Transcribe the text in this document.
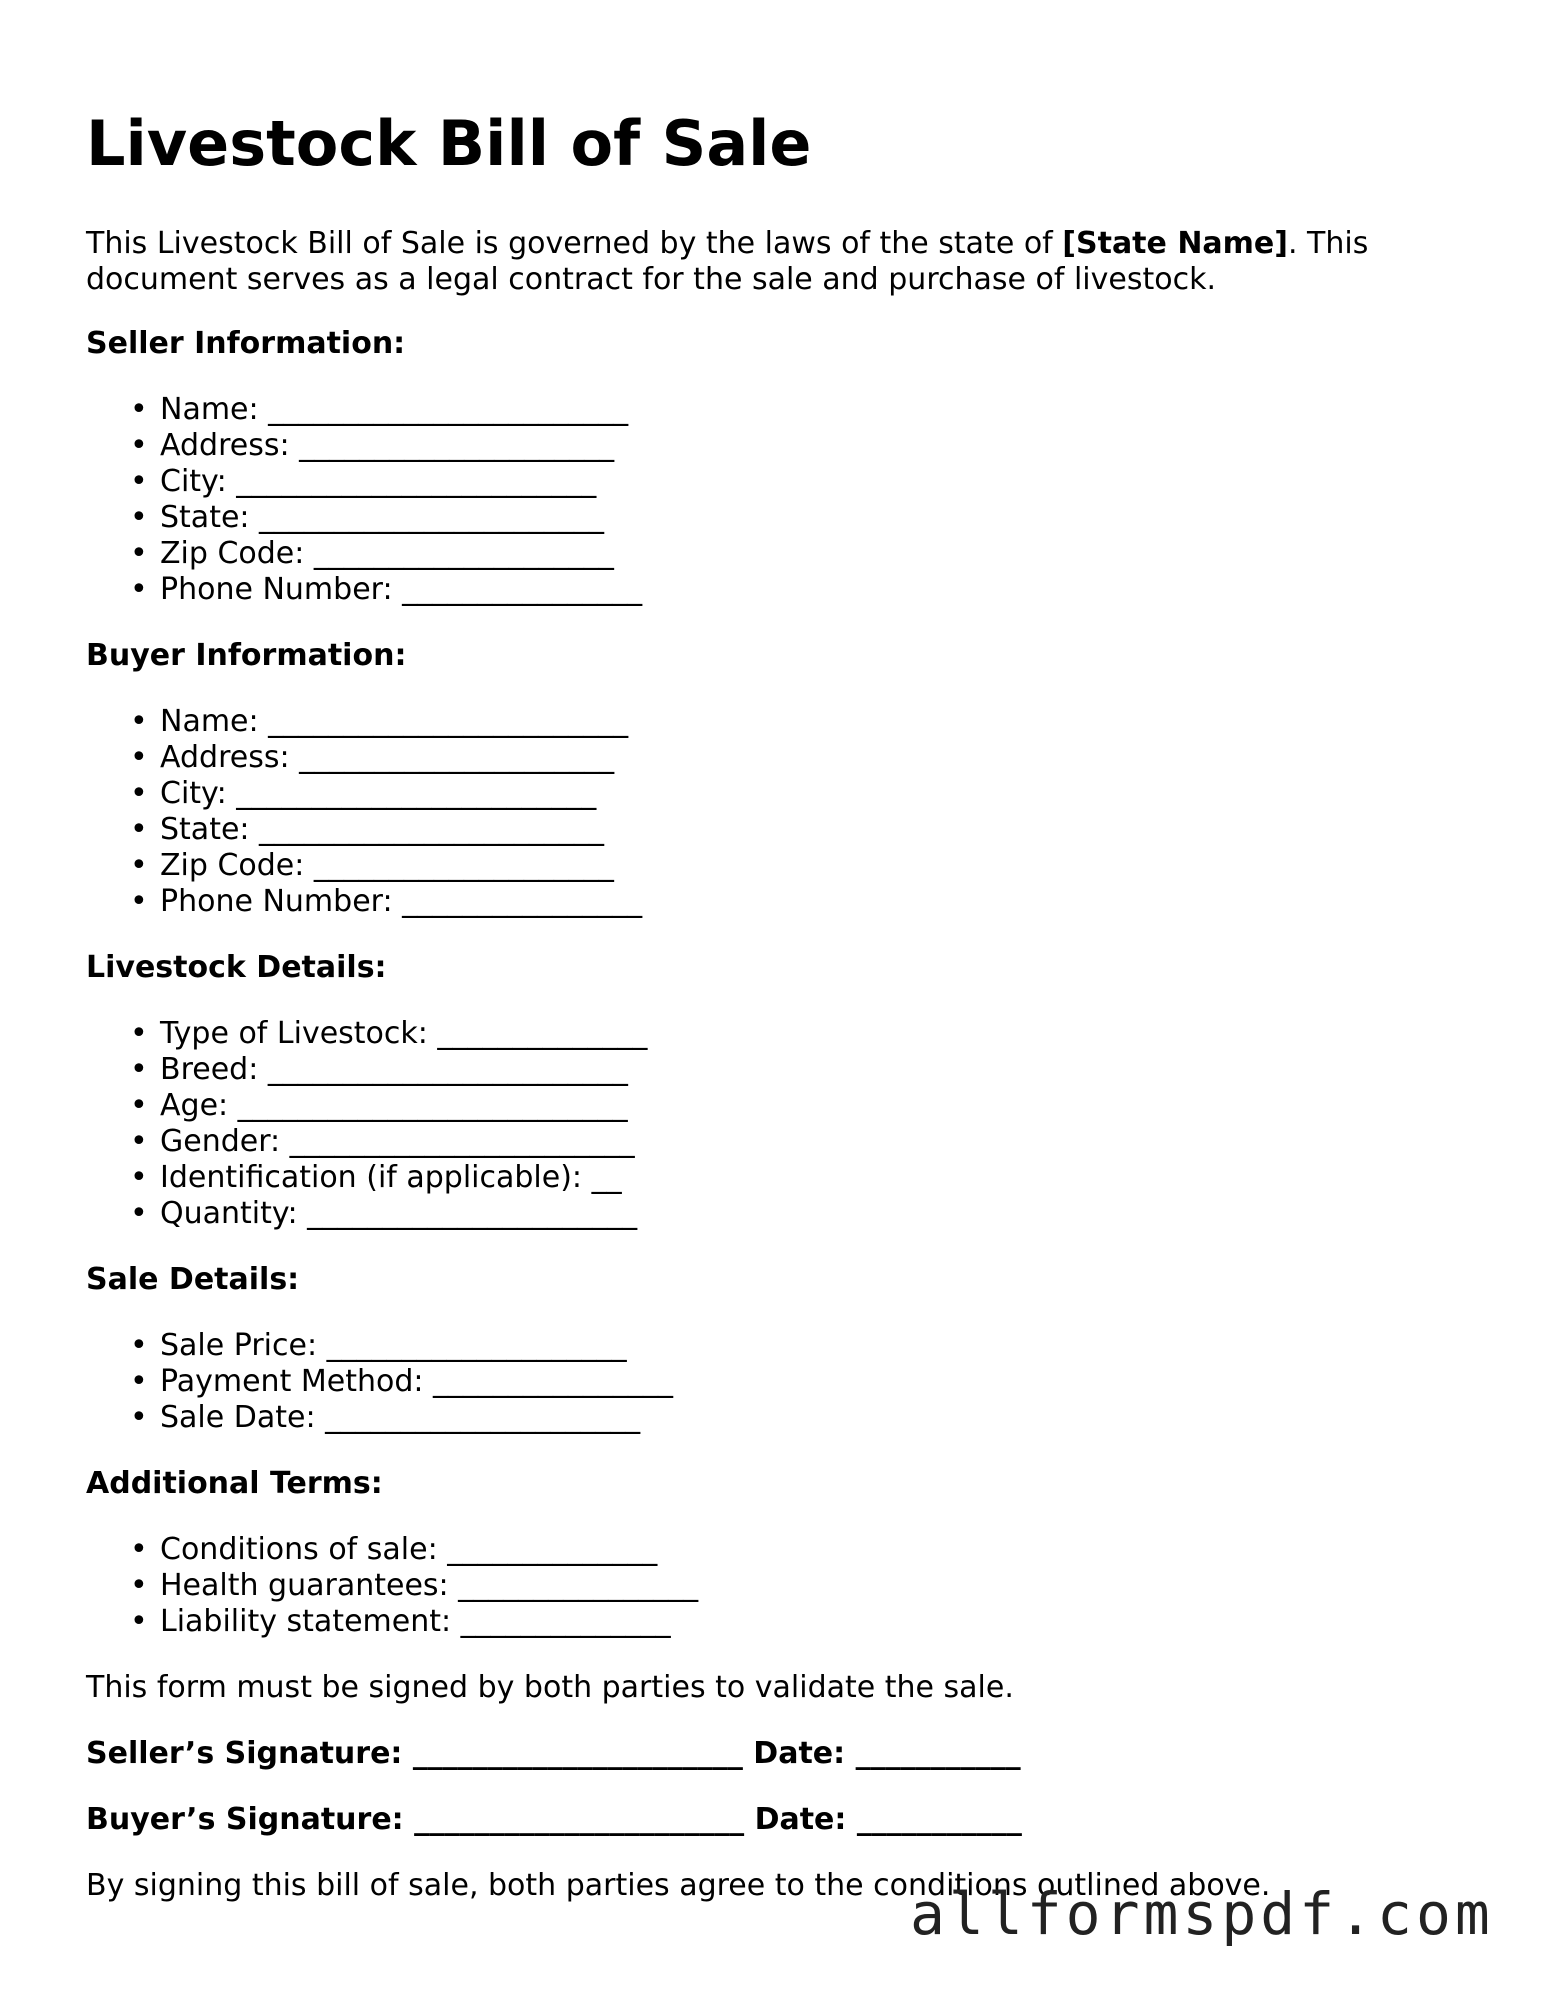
Livestock Bill of Sale

This Livestock Bill of Sale is governed by the laws of the state of [State Name]. This document serves as a legal contract for the sale and purchase of livestock.

Seller Information:
• Name: ________________________
• Address: _____________________
• City: ________________________
• State: _______________________
• Zip Code: ____________________
• Phone Number: ________________
Buyer Information:
• Name: ________________________
• Address: _____________________
• City: ________________________
• State: _______________________
• Zip Code: ____________________
• Phone Number: ________________
Livestock Details:
• Type of Livestock: ______________
• Breed: ________________________
• Age: __________________________
• Gender: _______________________
• Identification (if applicable): __
• Quantity: ______________________
Sale Details:
• Sale Price: ____________________
• Payment Method: ________________
• Sale Date: _____________________
Additional Terms:
• Conditions of sale: ______________
• Health guarantees: ________________
• Liability statement: ______________

This form must be signed by both parties to validate the sale.

Seller’s Signature: ______________________ Date: ___________

Buyer’s Signature: ______________________ Date: ___________

By signing this bill of sale, both parties agree to the conditions outlined above.

allformspdf.com
